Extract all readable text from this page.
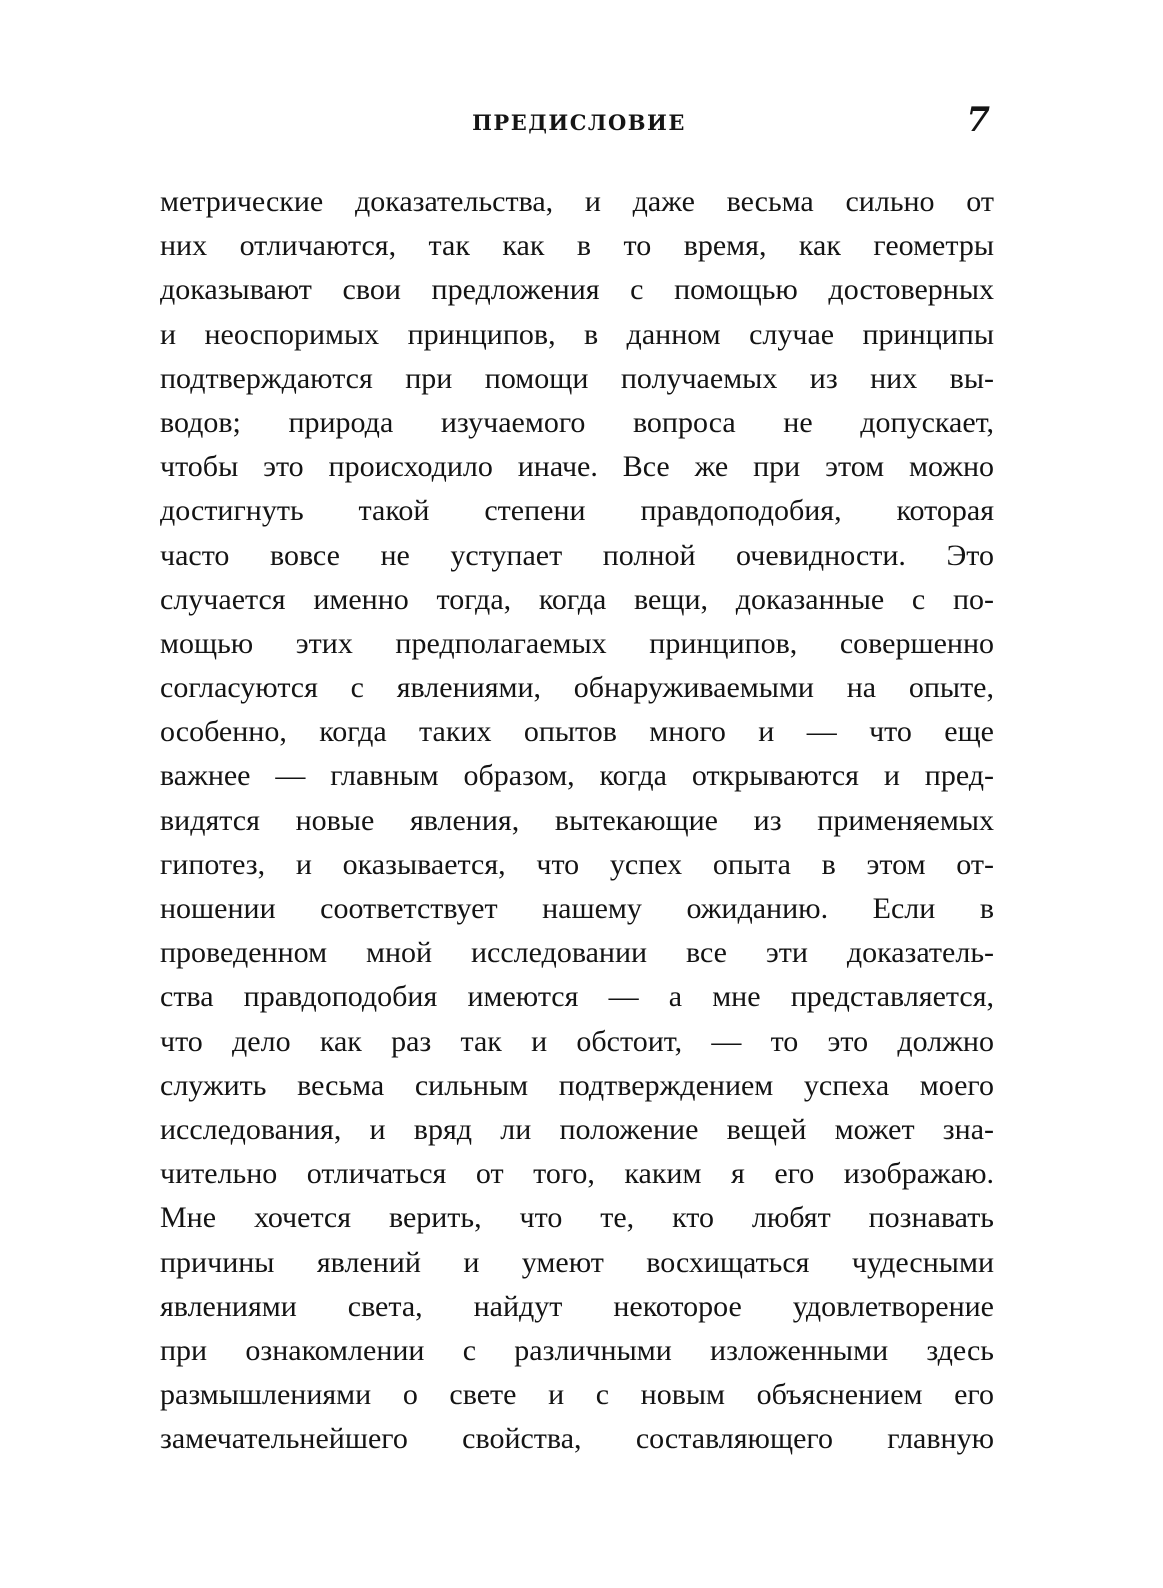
ПРЕДИСЛОВИЕ	7
метрические доказательства, и даже весьма сильно от
них отличаются, так как в то время, как геометры
доказывают свои предложения с помощью достоверных
и неоспоримых принципов, в данном случае принципы
подтверждаются при помощи получаемых из них вы-
водов; природа изучаемого вопроса не допускает,
чтобы это происходило иначе. Все же при этом можно
достигнуть такой степени правдоподобия, которая
часто вовсе не уступает полной очевидности. Это
случается именно тогда, когда вещи, доказанные с по-
мощью этих предполагаемых принципов, совершенно
согласуются с явлениями, обнаруживаемыми на опыте,
особенно, когда таких опытов много и — что еще
важнее — главным образом, когда открываются и пред-
видятся новые явления, вытекающие из применяемых
гипотез, и оказывается, что успех опыта в этом от-
ношении соответствует нашему ожиданию. Если в
проведенном мной исследовании все эти доказатель-
ства правдоподобия имеются — а мне представляется,
что дело как раз так и обстоит, — то это должно
служить весьма сильным подтверждением успеха моего
исследования, и вряд ли положение вещей может зна-
чительно отличаться от того, каким я его изображаю.
Мне хочется верить, что те, кто любят познавать
причины явлений и умеют восхищаться чудесными
явлениями света, найдут некоторое удовлетворение
при ознакомлении с различными изложенными здесь
размышлениями о свете и с новым объяснением его
замечательнейшего свойства, составляющего главную
